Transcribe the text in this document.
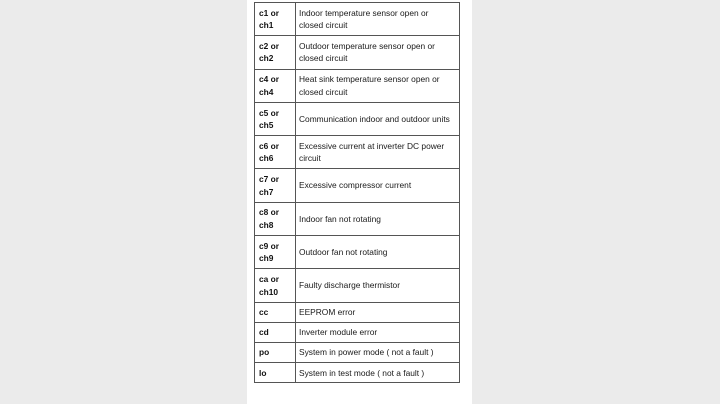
c1 or
ch1	Indoor temperature sensor open or
closed circuit
c2 or
ch2	Outdoor temperature sensor open or
closed circuit
c4 or
ch4	Heat sink temperature sensor open or
closed circuit
c5 or
ch5	Communication indoor and outdoor units
c6 or
ch6	Excessive current at inverter DC power
circuit
c7 or
ch7	Excessive compressor current
c8 or
ch8	Indoor fan not rotating
c9 or
ch9	Outdoor fan not rotating
ca or
ch10	Faulty discharge thermistor
cc	EEPROM error
cd	Inverter module error
po	System in power mode ( not a fault )
lo	System in test mode ( not a fault )
